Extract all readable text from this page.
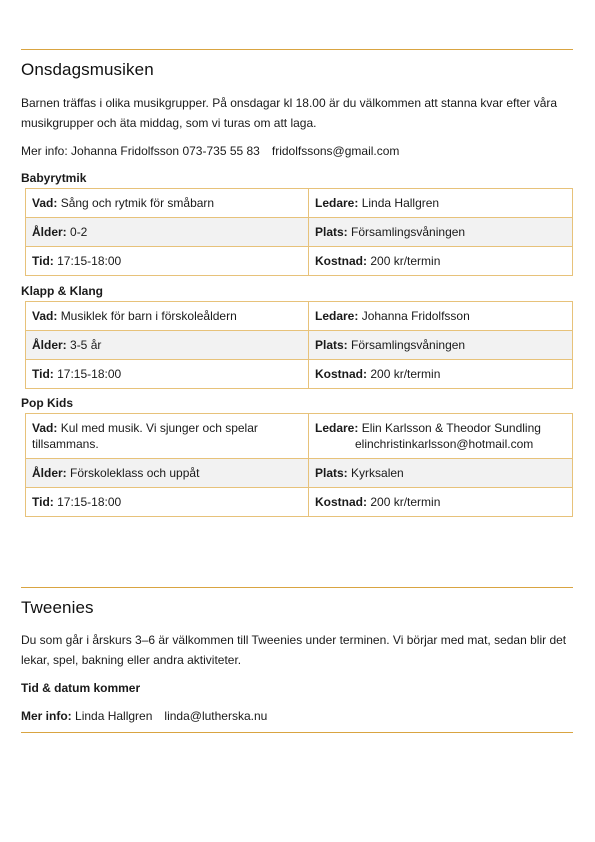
Onsdagsmusiken
Barnen träffas i olika musikgrupper. På onsdagar kl 18.00 är du välkommen att stanna kvar efter våra musikgrupper och äta middag, som vi turas om att laga.
Mer info: Johanna Fridolfsson 073-735 55 83 fridolfssons@gmail.com
Babyrytmik
Vad: Sång och rytmik för småbarn	Ledare: Linda Hallgren
Ålder: 0-2	Plats: Församlingsvåningen
Tid: 17:15-18:00	Kostnad: 200 kr/termin
Klapp & Klang
Vad: Musiklek för barn i förskoleåldern	Ledare: Johanna Fridolfsson
Ålder: 3-5 år	Plats: Församlingsvåningen
Tid: 17:15-18:00	Kostnad: 200 kr/termin
Pop Kids
Vad: Kul med musik. Vi sjunger och spelar tillsammans.	Ledare: Elin Karlsson & Theodor Sundling
elinchristinkarlsson@hotmail.com

Ålder: Förskoleklass och uppåt	Plats: Kyrksalen
Tid: 17:15-18:00	Kostnad: 200 kr/termin
Tweenies
Du som går i årskurs 3–6 är välkommen till Tweenies under terminen. Vi börjar med mat, sedan blir det lekar, spel, bakning eller andra aktiviteter.
Tid & datum kommer
Mer info: Linda Hallgren linda@lutherska.nu
